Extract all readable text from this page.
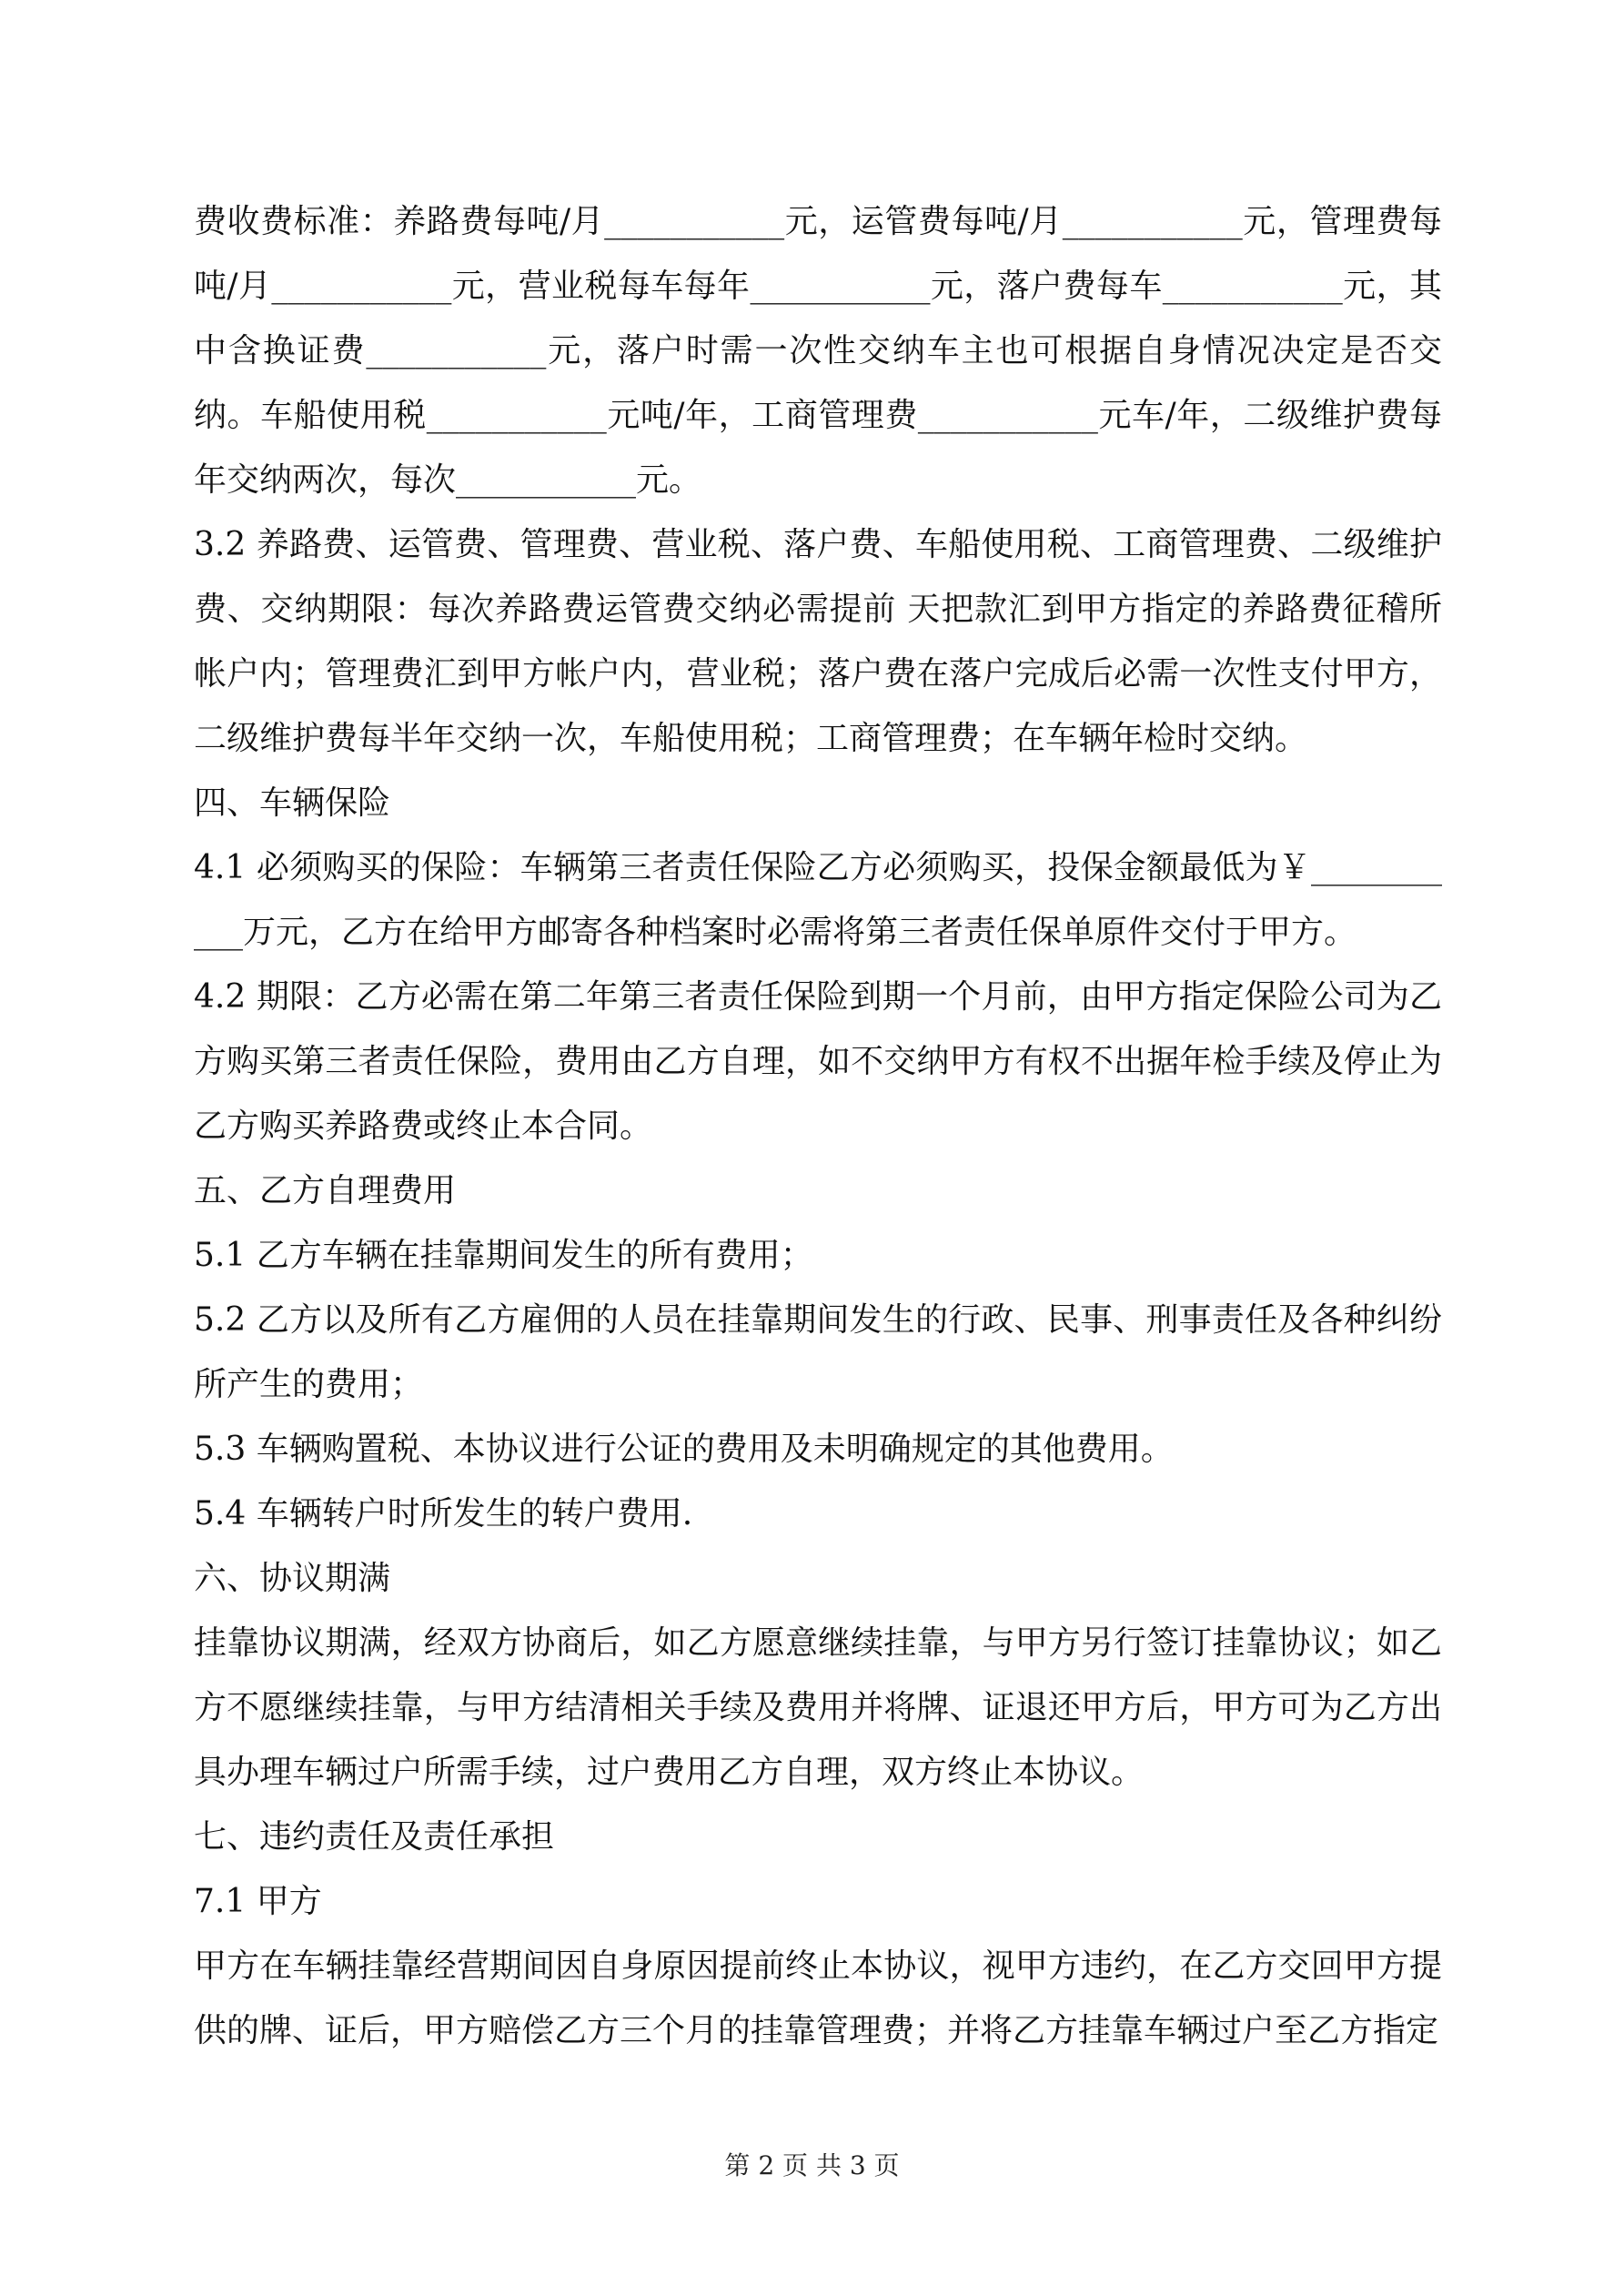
费收费标准：养路费每吨/月___________元，运管费每吨/月___________元，管理费每吨/月___________元，营业税每车每年___________元，落户费每车___________元，其中含换证费___________元，落户时需一次性交纳车主也可根据自身情况决定是否交纳。车船使用税___________元吨/年，工商管理费___________元车/年，二级维护费每年交纳两次，每次___________元。

3.2 养路费、运管费、管理费、营业税、落户费、车船使用税、工商管理费、二级维护费、交纳期限：每次养路费运管费交纳必需提前 天把款汇到甲方指定的养路费征稽所帐户内；管理费汇到甲方帐户内，营业税；落户费在落户完成后必需一次性支付甲方，二级维护费每半年交纳一次，车船使用税；工商管理费；在车辆年检时交纳。

四、车辆保险

4.1 必须购买的保险：车辆第三者责任保险乙方必须购买，投保金额最低为￥___________万元，乙方在给甲方邮寄各种档案时必需将第三者责任保单原件交付于甲方。

4.2 期限：乙方必需在第二年第三者责任保险到期一个月前，由甲方指定保险公司为乙方购买第三者责任保险，费用由乙方自理，如不交纳甲方有权不出据年检手续及停止为乙方购买养路费或终止本合同。

五、乙方自理费用

5.1 乙方车辆在挂靠期间发生的所有费用；

5.2 乙方以及所有乙方雇佣的人员在挂靠期间发生的行政、民事、刑事责任及各种纠纷所产生的费用；

5.3 车辆购置税、本协议进行公证的费用及未明确规定的其他费用。

5.4 车辆转户时所发生的转户费用.

六、协议期满

挂靠协议期满，经双方协商后，如乙方愿意继续挂靠，与甲方另行签订挂靠协议；如乙方不愿继续挂靠，与甲方结清相关手续及费用并将牌、证退还甲方后，甲方可为乙方出具办理车辆过户所需手续，过户费用乙方自理，双方终止本协议。

七、违约责任及责任承担

7.1 甲方

甲方在车辆挂靠经营期间因自身原因提前终止本协议，视甲方违约，在乙方交回甲方提供的牌、证后，甲方赔偿乙方三个月的挂靠管理费；并将乙方挂靠车辆过户至乙方指定

第 2 页 共 3 页
